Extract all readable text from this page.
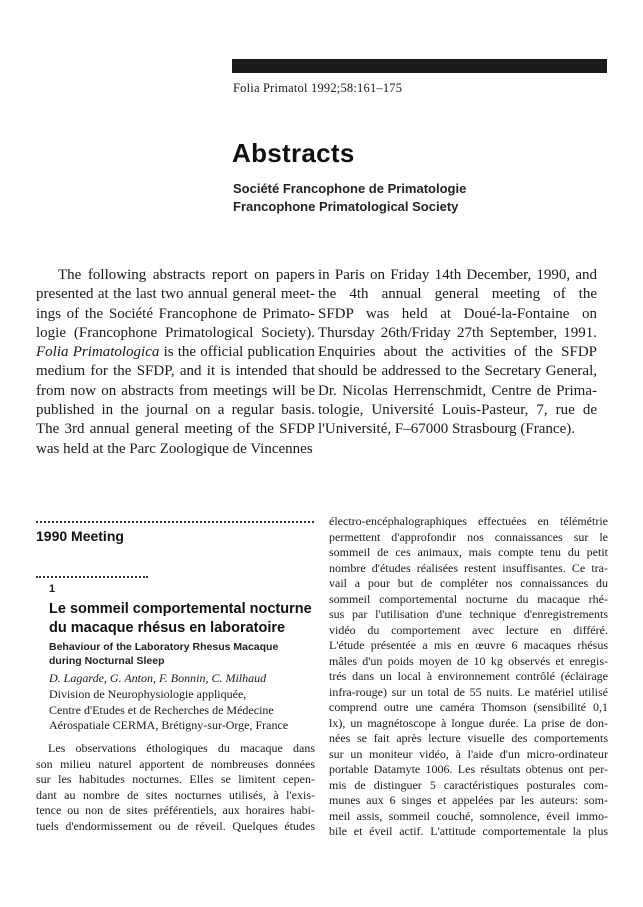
Folia Primatol 1992;58:161–175
Abstracts
Société Francophone de Primatologie
Francophone Primatological Society
The following abstracts report on papers
presented at the last two annual general meet-
ings of the Société Francophone de Primato-
logie (Francophone Primatological Society).
Folia Primatologica is the official publication
medium for the SFDP, and it is intended that
from now on abstracts from meetings will be
published in the journal on a regular basis.
The 3rd annual general meeting of the SFDP
was held at the Parc Zoologique de Vincennes
in Paris on Friday 14th December, 1990, and
the 4th annual general meeting of the
SFDP was held at Doué-la-Fontaine on
Thursday 26th/Friday 27th September, 1991.
Enquiries about the activities of the SFDP
should be addressed to the Secretary General,
Dr. Nicolas Herrenschmidt, Centre de Prima-
tologie, Université Louis-Pasteur, 7, rue de
l'Université, F–67000 Strasbourg (France).
1990 Meeting
1
Le sommeil comportemental nocturne
du macaque rhésus en laboratoire
Behaviour of the Laboratory Rhesus Macaque
during Nocturnal Sleep
D. Lagarde, G. Anton, F. Bonnin, C. Milhaud
Division de Neurophysiologie appliquée,
Centre d'Etudes et de Recherches de Médecine
Aérospatiale CERMA, Brétigny-sur-Orge, France
Les observations éthologiques du macaque dans
son milieu naturel apportent de nombreuses données
sur les habitudes nocturnes. Elles se limitent cepen-
dant au nombre de sites nocturnes utilisés, à l'exis-
tence ou non de sites préférentiels, aux horaires habi-
tuels d'endormissement ou de réveil. Quelques études
électro-encéphalographiques effectuées en télémétrie
permettent d'approfondir nos connaissances sur le
sommeil de ces animaux, mais compte tenu du petit
nombre d'études réalisées restent insuffisantes. Ce tra-
vail a pour but de compléter nos connaissances du
sommeil comportemental nocturne du macaque rhé-
sus par l'utilisation d'une technique d'enregistrements
vidéo du comportement avec lecture en différé.
L'étude présentée a mis en œuvre 6 macaques rhésus
mâles d'un poids moyen de 10 kg observés et enregis-
trés dans un local à environnement contrôlé (éclairage
infra-rouge) sur un total de 55 nuits. Le matériel utilisé
comprend outre une caméra Thomson (sensibilité 0,1
lx), un magnétoscope à longue durée. La prise de don-
nées se fait après lecture visuelle des comportements
sur un moniteur vidéo, à l'aide d'un micro-ordinateur
portable Datamyte 1006. Les résultats obtenus ont per-
mis de distinguer 5 caractéristiques posturales com-
munes aux 6 singes et appelées par les auteurs: som-
meil assis, sommeil couché, somnolence, éveil immo-
bile et éveil actif. L'attitude comportementale la plus
